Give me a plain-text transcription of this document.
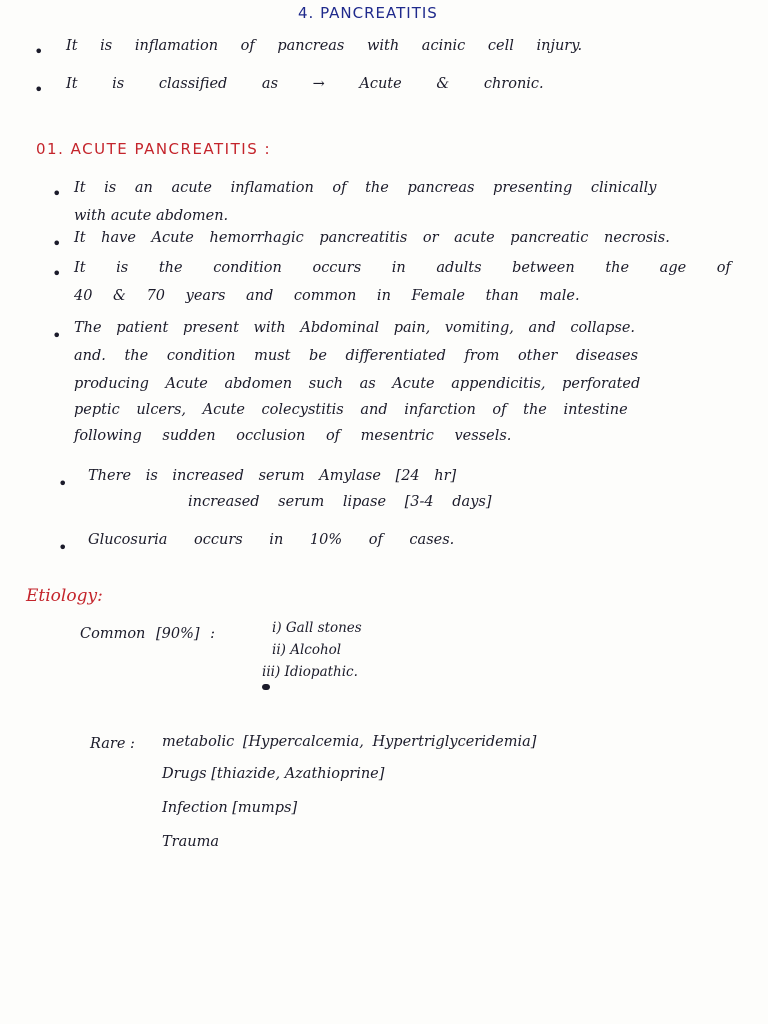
4. PANCREATITIS
• It is inflamation of pancreas with acinic cell injury.
• It is classified as → Acute & chronic.
01. ACUTE PANCREATITIS :
• It is an acute inflamation of the pancreas presenting clinically
with acute abdomen.
• It have Acute hemorrhagic pancreatitis or acute pancreatic necrosis.
• It is the condition occurs in adults between the age of
40 & 70 years and common in Female than male.
• The patient present with Abdominal pain, vomiting, and collapse.
and. the condition must be differentiated from other diseases
producing Acute abdomen such as Acute appendicitis, perforated
peptic ulcers, Acute colecystitis and infarction of the intestine
following sudden occlusion of mesentric vessels.
• There is increased serum Amylase [24 hr]
increased serum lipase [3-4 days]
• Glucosuria occurs in 10% of cases.
Etiology:
Common [90%] :	i) Gall stones
ii) Alcohol
iii) Idiopathic.
Rare : metabolic [Hypercalcemia, Hypertriglyceridemia]
Drugs [thiazide, Azathioprine]
Infection [mumps]
Trauma
